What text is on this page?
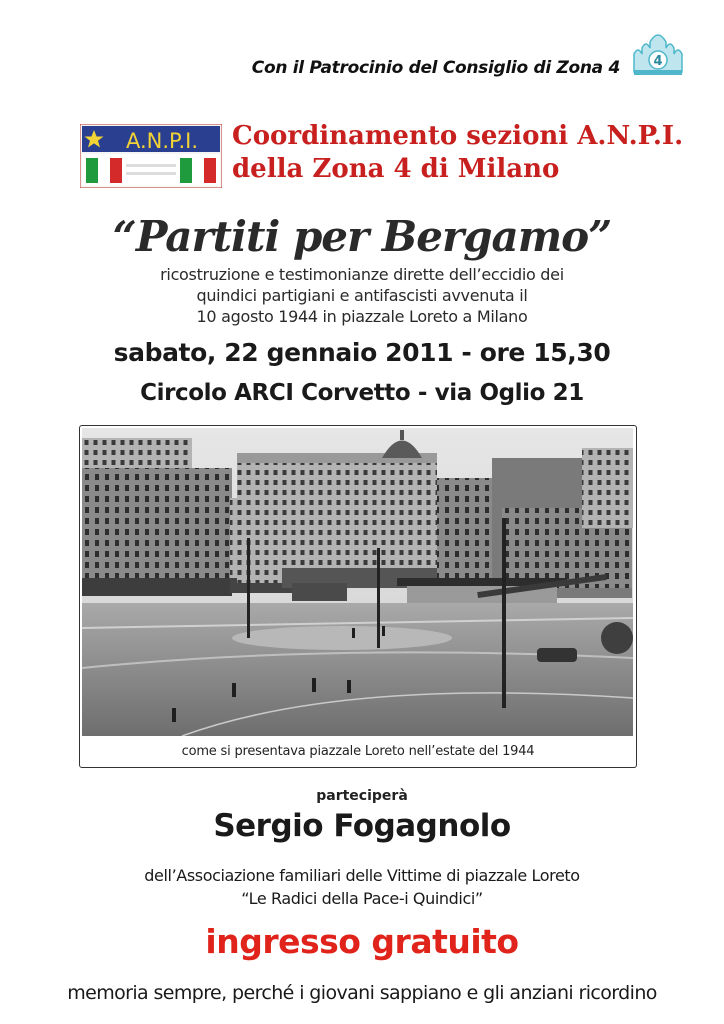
4
Con il Patrocinio del Consiglio di Zona 4
A.N.P.I. Coordinamento sezioni A.N.P.I.
della Zona 4 di Milano
“Partiti per Bergamo”
ricostruzione e testimonianze dirette dell’eccidio dei
quindici partigiani e antifascisti avvenuta il
10 agosto 1944 in piazzale Loreto a Milano
sabato, 22 gennaio 2011 - ore 15,30
Circolo ARCI Corvetto - via Oglio 21
come si presentava piazzale Loreto nell’estate del 1944
parteciperà
Sergio Fogagnolo
dell’Associazione familiari delle Vittime di piazzale Loreto
“Le Radici della Pace-i Quindici”
ingresso gratuito
memoria sempre, perché i giovani sappiano e gli anziani ricordino
